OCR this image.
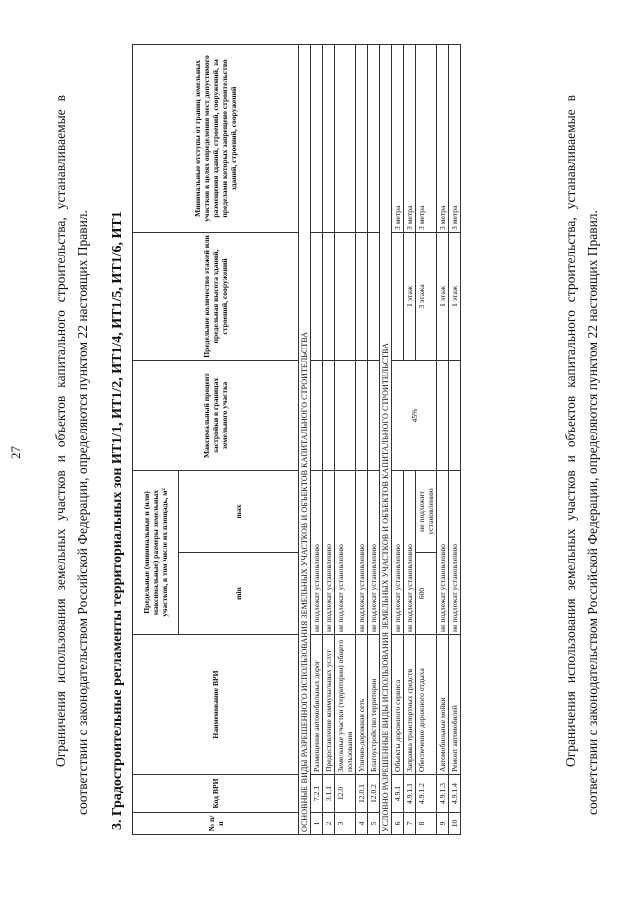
27 Ограничения использования земельных участков и объектов капитального строительства, устанавливаемые в соответствии с законодательством Российской Федерации, определяются пунктом 22 настоящих Правил. 3. Градостроительные регламенты территориальных зон ИТ1/1, ИТ1/2, ИТ1/4, ИТ1/5, ИТ1/6, ИТ1	№ п/п	Код ВРИ	Наименование ВРИ	Предельные (минимальные и (или) максимальные) размеры земельных участков, в том числе их площадь, м²		Максимальный процент застройки в границах земельного участка	Предельное количество этажей или предельная высота зданий, строений, сооружений	Минимальные отступы от границ земельных участков в целях определения мест допустимого размещения зданий, строений, сооружений, за пределами которых запрещено строительство зданий, строений, сооружений
			min	max			
ОСНОВНЫЕ ВИДЫ РАЗРЕШЕННОГО ИСПОЛЬЗОВАНИЯ ЗЕМЕЛЬНЫХ УЧАСТКОВ И ОБЪЕКТОВ КАПИТАЛЬНОГО СТРОИТЕЛЬСТВА							
1	7.2.1	Размещение автомобильных дорог	не подлежат установлению				
2	3.1.1	Предоставление коммунальных услуг	не подлежат установлению				
3	12.0	Земельные участки (территории) общего пользования	не подлежат установлению				
4	12.0.1	Улично-дорожная сеть	не подлежат установлению				
5	12.0.2	Благоустройство территории	не подлежат установлению				
УСЛОВНО РАЗРЕШЕННЫЕ ВИДЫ ИСПОЛЬЗОВАНИЯ ЗЕМЕЛЬНЫХ УЧАСТКОВ И ОБЪЕКТОВ КАПИТАЛЬНОГО СТРОИТЕЛЬСТВА							
6	4.9.1	Объекты дорожного сервиса	не подлежат установлению		45%		3 метра
7	4.9.1.1	Заправка транспортных средств	не подлежат установлению			1 этаж	3 метра
8	4.9.1.2	Обеспечение дорожного отдыха	600	не подлежит установлению		3 этажа	3 метра
9	4.9.1.3	Автомобильные мойки	не подлежат установлению			1 этаж	3 метра
10	4.9.1.4	Ремонт автомобилей	не подлежат установлению			1 этаж	3 метра	Ограничения использования земельных участков и объектов капитального строительства, устанавливаемые в соответствии с законодательством Российской Федерации, определяются пунктом 22 настоящих Правил.
